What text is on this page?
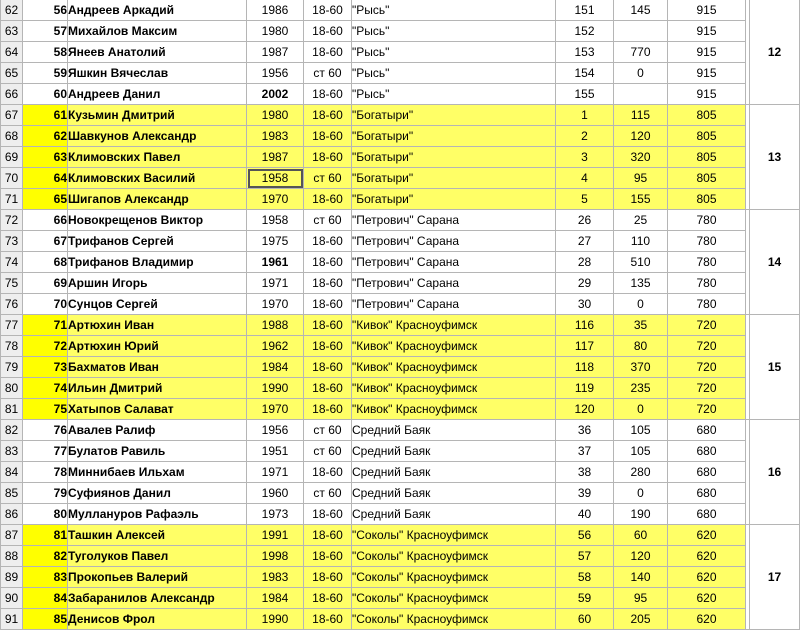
62	56	Андреев Аркадий	1986	18-60	"Рысь"	151	145	915		12
63	57	Михайлов Максим	1980	18-60	"Рысь"	152		915		
64	58	Янеев Анатолий	1987	18-60	"Рысь"	153	770	915		
65	59	Яшкин Вячеслав	1956	ст 60	"Рысь"	154	0	915		
66	60	Андреев Данил	2002	18-60	"Рысь"	155		915		
67	61	Кузьмин Дмитрий	1980	18-60	"Богатыри"	1	115	805		13
68	62	Шавкунов Александр	1983	18-60	"Богатыри"	2	120	805		
69	63	Климовских Павел	1987	18-60	"Богатыри"	3	320	805		
70	64	Климовских Василий	1958	ст 60	"Богатыри"	4	95	805		
71	65	Шигапов Александр	1970	18-60	"Богатыри"	5	155	805		
72	66	Новокрещенов Виктор	1958	ст 60	"Петрович" Сарана	26	25	780		14
73	67	Трифанов Сергей	1975	18-60	"Петрович" Сарана	27	110	780		
74	68	Трифанов Владимир	1961	18-60	"Петрович" Сарана	28	510	780		
75	69	Аршин Игорь	1971	18-60	"Петрович" Сарана	29	135	780		
76	70	Сунцов Сергей	1970	18-60	"Петрович" Сарана	30	0	780		
77	71	Артюхин Иван	1988	18-60	"Кивок" Красноуфимск	116	35	720		15
78	72	Артюхин Юрий	1962	18-60	"Кивок" Красноуфимск	117	80	720		
79	73	Бахматов Иван	1984	18-60	"Кивок" Красноуфимск	118	370	720		
80	74	Ильин Дмитрий	1990	18-60	"Кивок" Красноуфимск	119	235	720		
81	75	Хатыпов Салават	1970	18-60	"Кивок" Красноуфимск	120	0	720		
82	76	Авалев Ралиф	1956	ст 60	Средний Баяк	36	105	680		16
83	77	Булатов Равиль	1951	ст 60	Средний Баяк	37	105	680		
84	78	Миннибаев Ильхам	1971	18-60	Средний Баяк	38	280	680		
85	79	Суфиянов Данил	1960	ст 60	Средний Баяк	39	0	680		
86	80	Муллануров Рафаэль	1973	18-60	Средний Баяк	40	190	680		
87	81	Ташкин Алексей	1991	18-60	"Соколы" Красноуфимск	56	60	620		17
88	82	Туголуков Павел	1998	18-60	"Соколы" Красноуфимск	57	120	620		
89	83	Прокопьев Валерий	1983	18-60	"Соколы" Красноуфимск	58	140	620		
90	84	Забаранилов Александр	1984	18-60	"Соколы" Красноуфимск	59	95	620		
91	85	Денисов Фрол	1990	18-60	"Соколы" Красноуфимск	60	205	620		
